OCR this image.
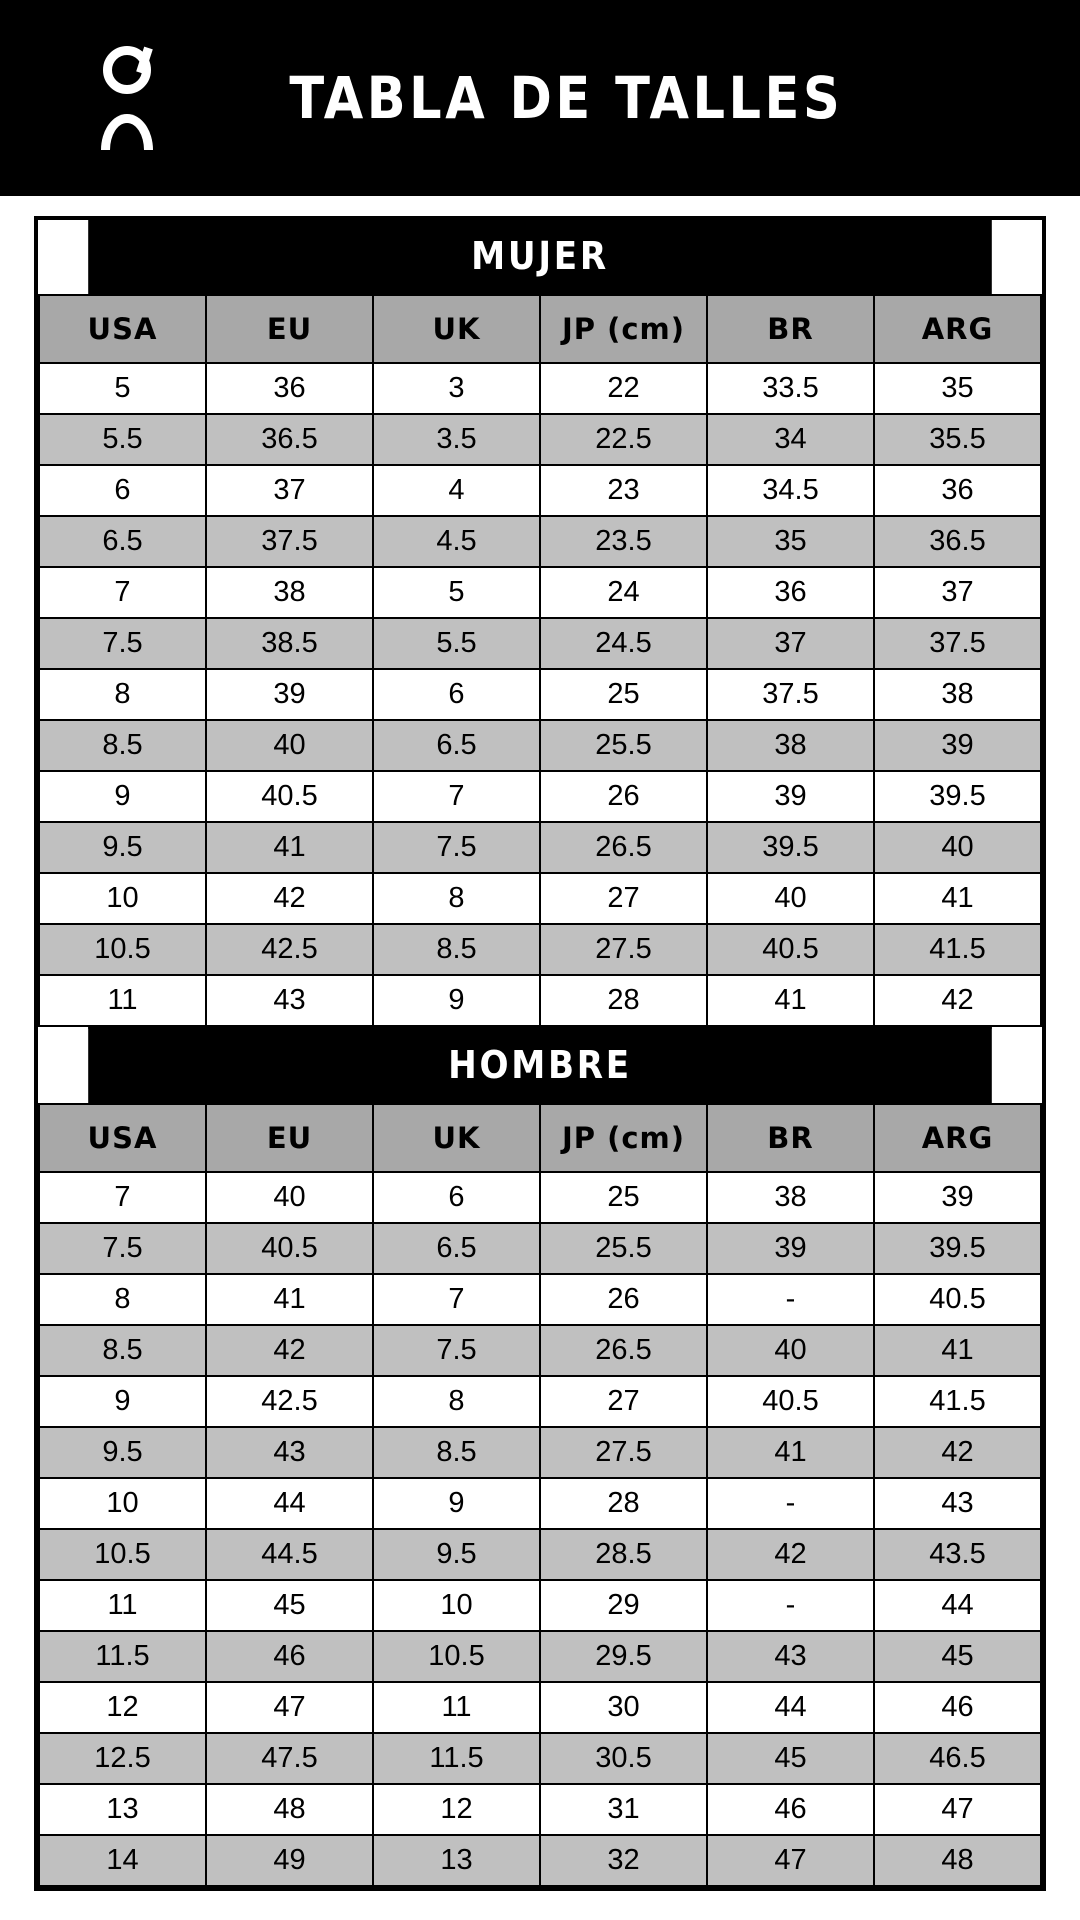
TABLA DE TALLES
MUJER
USA	EU	UK	JP (cm)	BR	ARG
5	36	3	22	33.5	35
5.5	36.5	3.5	22.5	34	35.5
6	37	4	23	34.5	36
6.5	37.5	4.5	23.5	35	36.5
7	38	5	24	36	37
7.5	38.5	5.5	24.5	37	37.5
8	39	6	25	37.5	38
8.5	40	6.5	25.5	38	39
9	40.5	7	26	39	39.5
9.5	41	7.5	26.5	39.5	40
10	42	8	27	40	41
10.5	42.5	8.5	27.5	40.5	41.5
11	43	9	28	41	42
HOMBRE
USA	EU	UK	JP (cm)	BR	ARG
7	40	6	25	38	39
7.5	40.5	6.5	25.5	39	39.5
8	41	7	26	-	40.5
8.5	42	7.5	26.5	40	41
9	42.5	8	27	40.5	41.5
9.5	43	8.5	27.5	41	42
10	44	9	28	-	43
10.5	44.5	9.5	28.5	42	43.5
11	45	10	29	-	44
11.5	46	10.5	29.5	43	45
12	47	11	30	44	46
12.5	47.5	11.5	30.5	45	46.5
13	48	12	31	46	47
14	49	13	32	47	48
